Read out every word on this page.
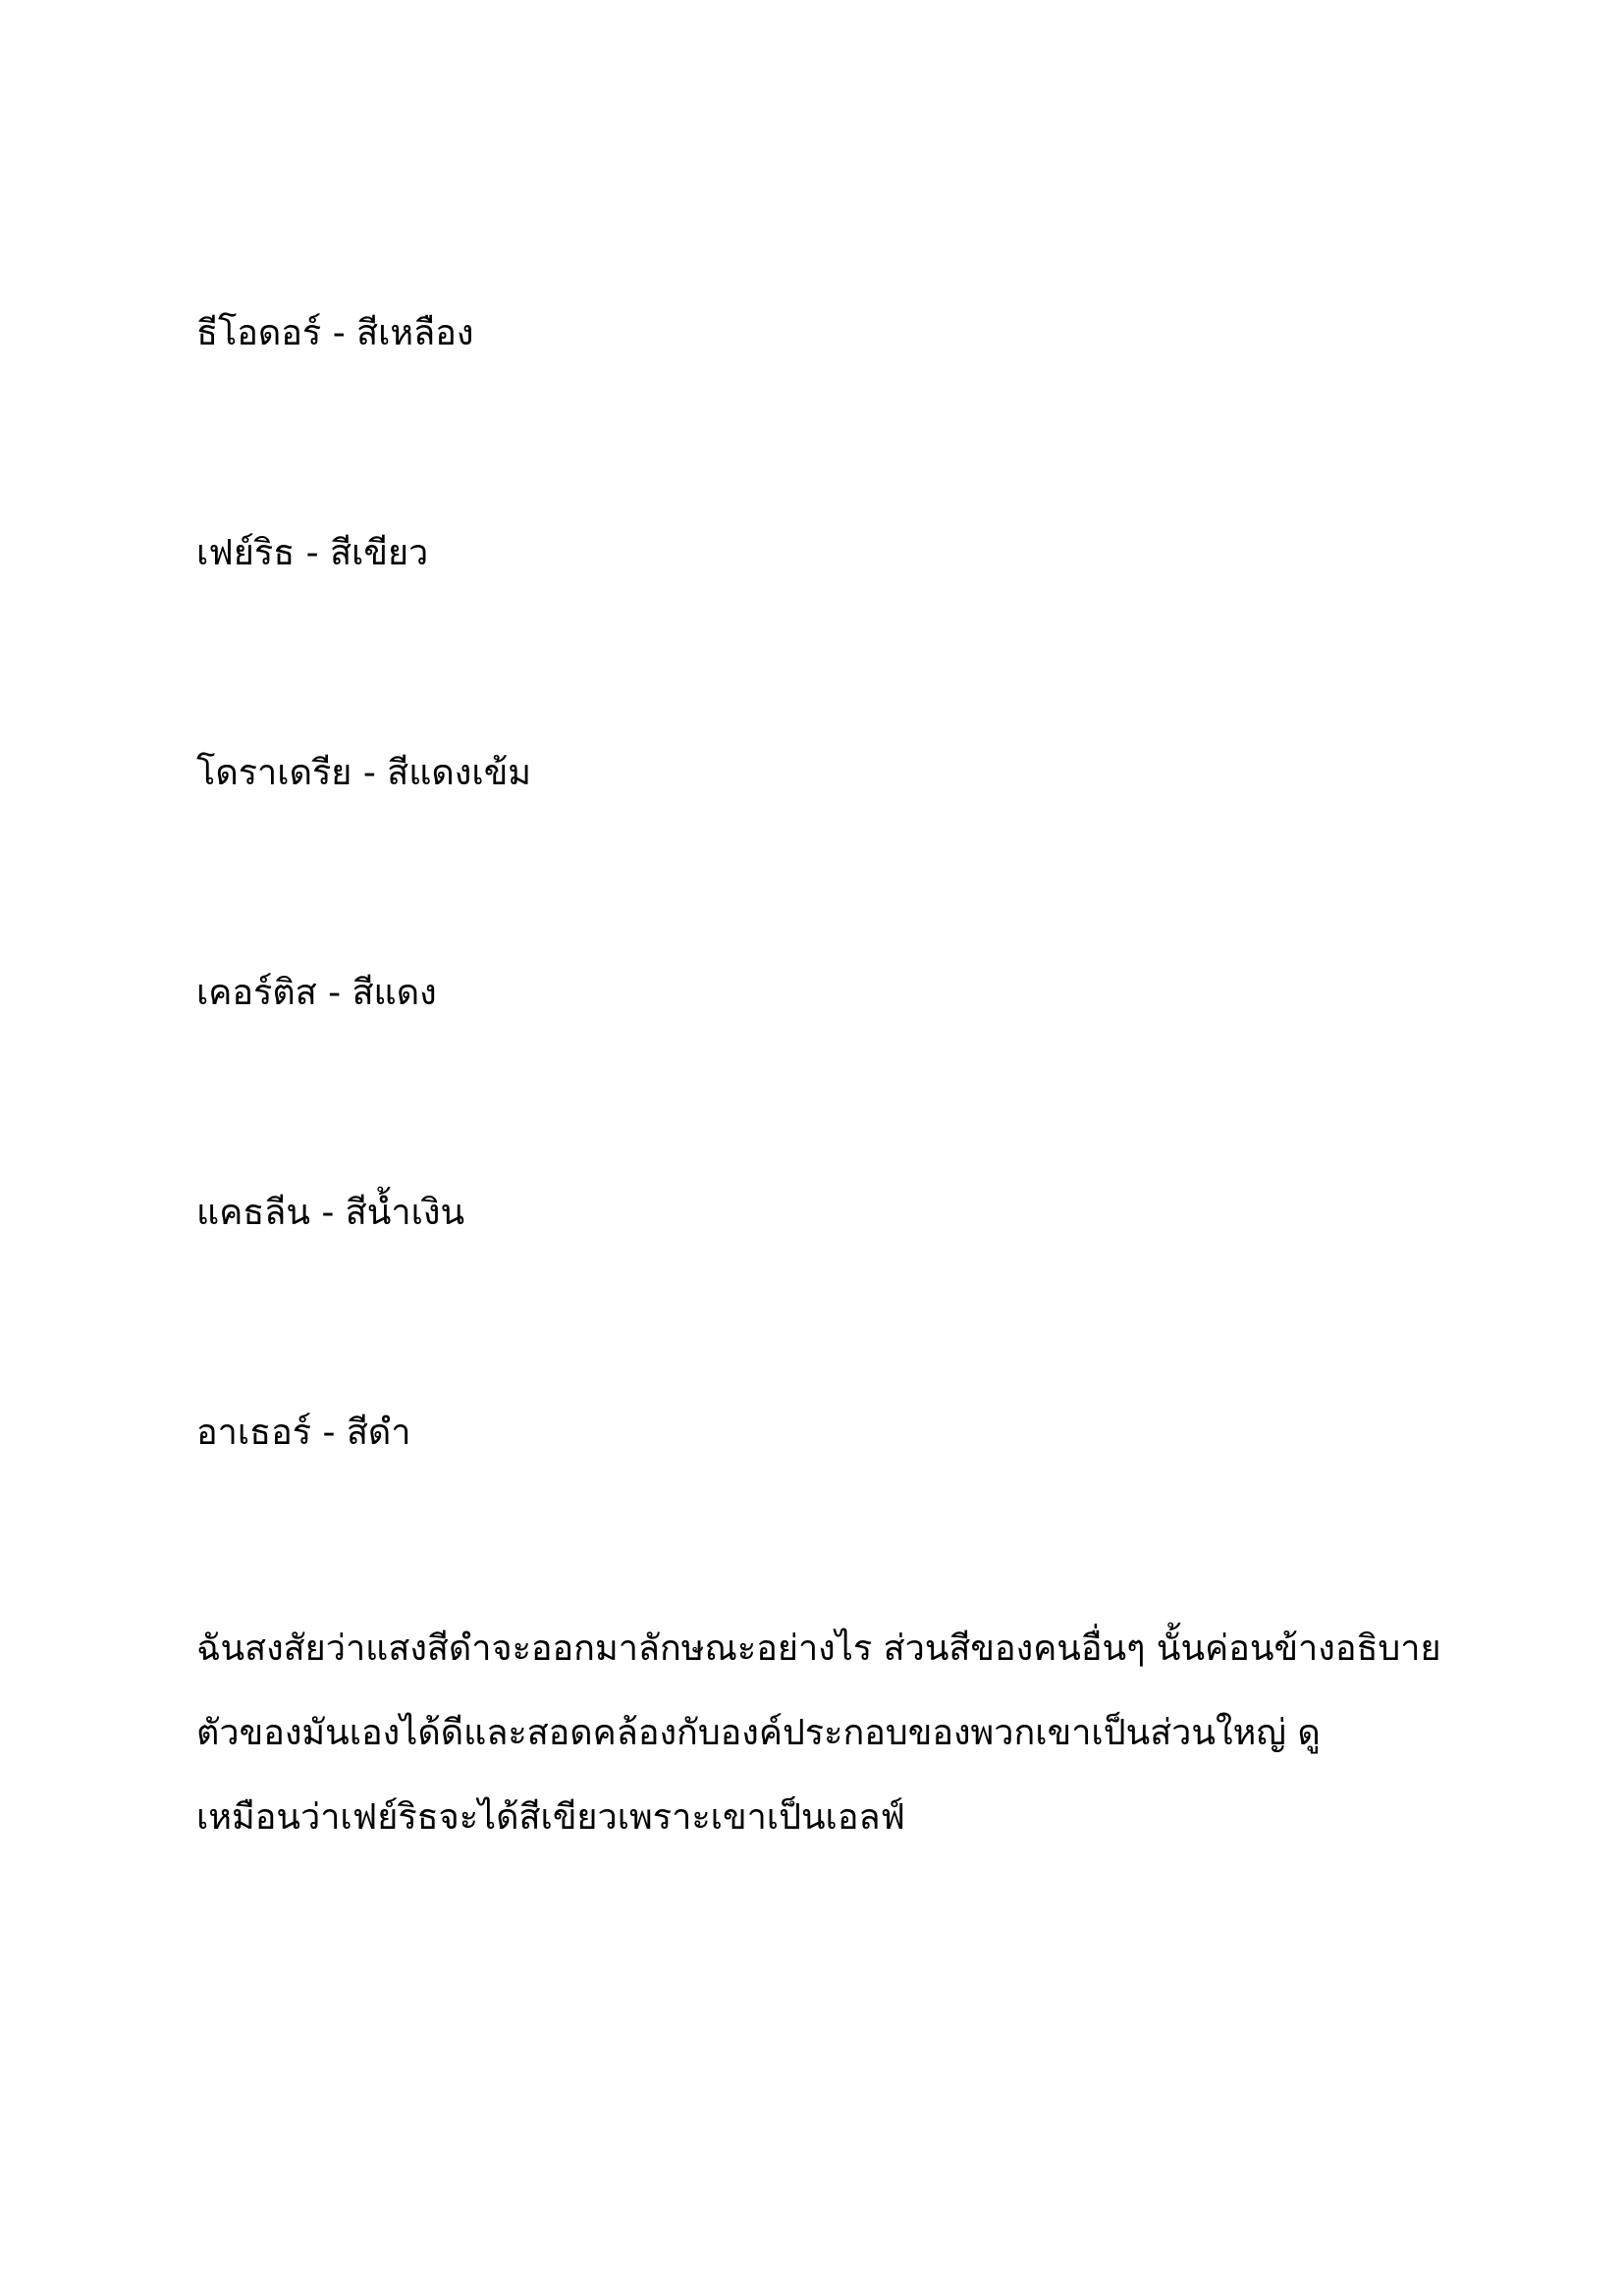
ธีโอดอร์ - สีเหลือง
เฟย์ริธ - สีเขียว
โดราเดรีย - สีแดงเข้ม
เคอร์ติส - สีแดง
แคธลีน - สีน้ำเงิน
อาเธอร์ - สีดำ
ฉันสงสัยว่าแสงสีดำจะออกมาลักษณะอย่างไร ส่วนสีของคนอื่นๆ นั้นค่อนข้างอธิบาย
ตัวของมันเองได้ดีและสอดคล้องกับองค์ประกอบของพวกเขาเป็นส่วนใหญ่ ดู
เหมือนว่าเฟย์ริธจะได้สีเขียวเพราะเขาเป็นเอลฟ์
